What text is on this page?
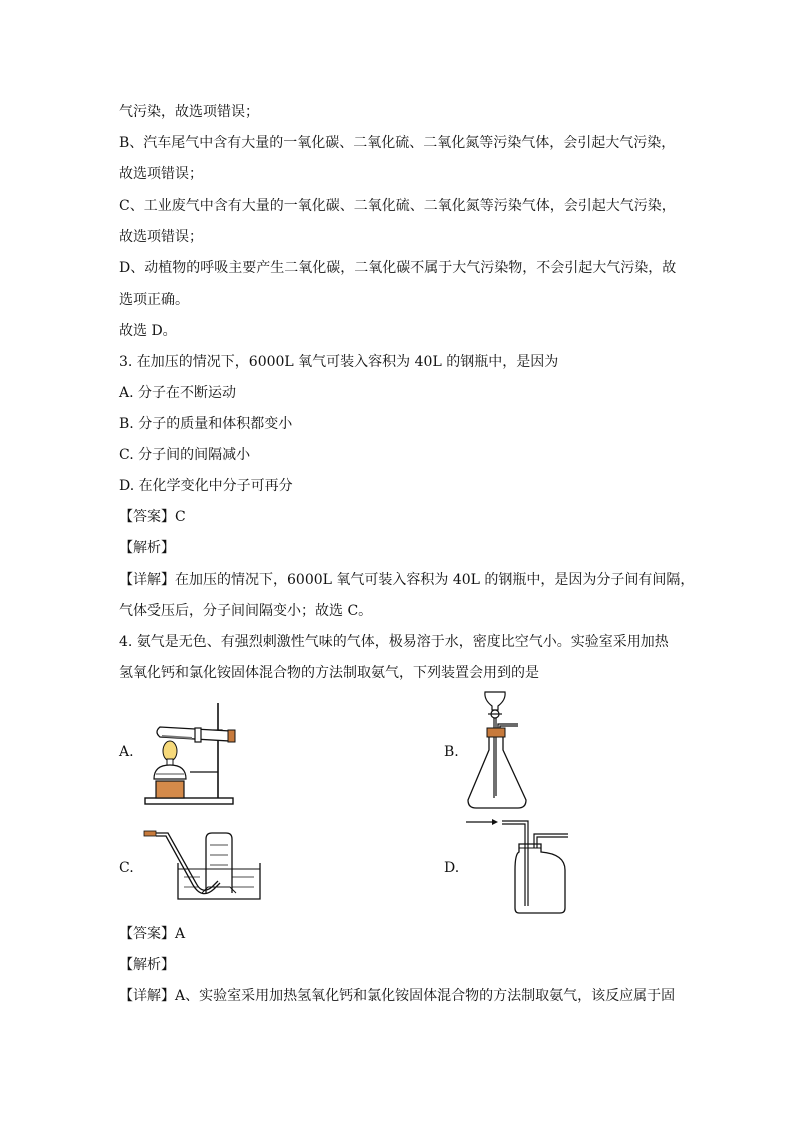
气污染，故选项错误；
B、汽车尾气中含有大量的一氧化碳、二氧化硫、二氧化氮等污染气体，会引起大气污染，
故选项错误；
C、工业废气中含有大量的一氧化碳、二氧化硫、二氧化氮等污染气体，会引起大气污染，
故选项错误；
D、动植物的呼吸主要产生二氧化碳，二氧化碳不属于大气污染物，不会引起大气污染，故
选项正确。
故选 D。
3. 在加压的情况下，6000L 氧气可装入容积为 40L 的钢瓶中，是因为
A. 分子在不断运动
B. 分子的质量和体积都变小
C. 分子间的间隔减小
D. 在化学变化中分子可再分
【答案】C
【解析】
【详解】在加压的情况下，6000L 氧气可装入容积为 40L 的钢瓶中，是因为分子间有间隔，
气体受压后，分子间间隔变小；故选 C。
4. 氨气是无色、有强烈刺激性气味的气体，极易溶于水，密度比空气小。实验室采用加热
氢氧化钙和氯化铵固体混合物的方法制取氨气，下列装置会用到的是
A.	B.
C.	D.
【答案】A
【解析】
【详解】A、实验室采用加热氢氧化钙和氯化铵固体混合物的方法制取氨气，该反应属于固
